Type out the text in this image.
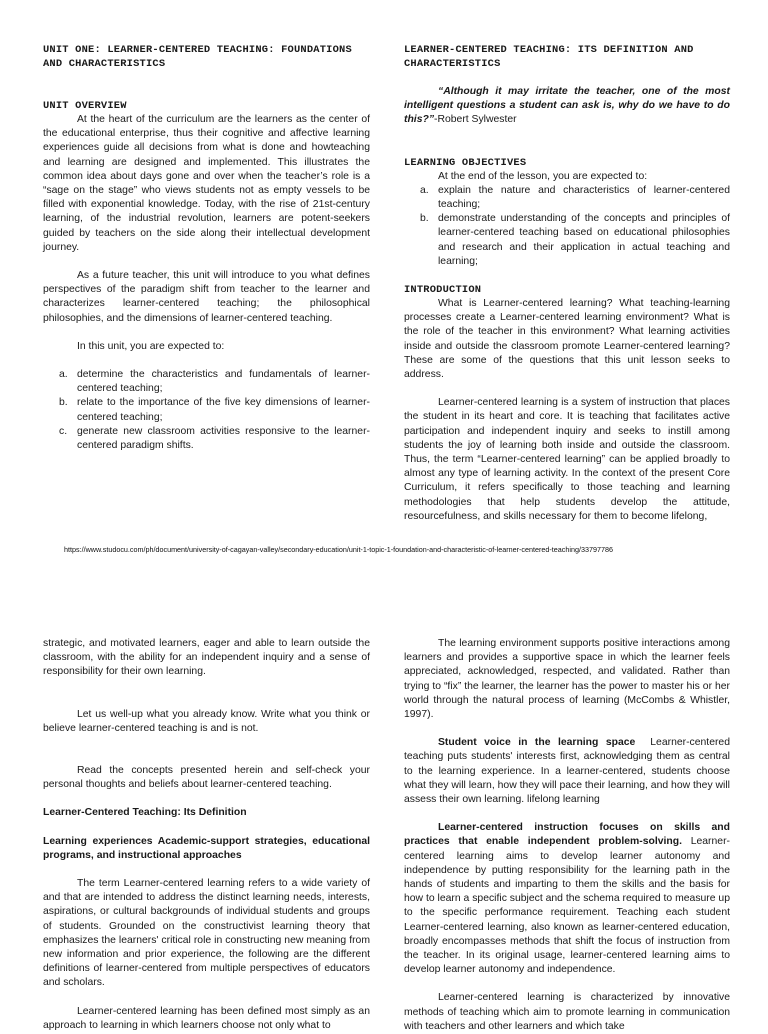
UNIT ONE: LEARNER-CENTERED TEACHING: FOUNDATIONS AND CHARACTERISTICS
UNIT OVERVIEW

At the heart of the curriculum are the learners as the center of the educational enterprise, thus their cognitive and affective learning experiences guide all decisions from what is done and howteaching and learning are designed and implemented. This illustrates the common idea about days gone and over when the teacher’s role is a “sage on the stage” who views students not as empty vessels to be filled with exponential knowledge. Today, with the rise of 21st-century learning, of the industrial revolution, learners are potent-seekers guided by teachers on the side along their intellectual development journey.

As a future teacher, this unit will introduce to you what defines perspectives of the paradigm shift from teacher to the learner and characterizes learner-centered teaching; the philosophical philosophies, and the dimensions of learner-centered teaching.

In this unit, you are expected to:

a. determine the characteristics and fundamentals of learner-centered teaching;
b. relate to the importance of the five key dimensions of learner-centered teaching;
c. generate new classroom activities responsive to the learner-centered paradigm shifts.
LEARNER-CENTERED TEACHING: ITS DEFINITION AND CHARACTERISTICS

“Although it may irritate the teacher, one of the most intelligent questions a student can ask is, why do we have to do this?”-Robert Sylwester

LEARNING OBJECTIVES

At the end of the lesson, you are expected to:

a. explain the nature and characteristics of learner-centered teaching;
b. demonstrate understanding of the concepts and principles of learner-centered teaching based on educational philosophies and research and their application in actual teaching and learning;
INTRODUCTION

What is Learner-centered learning? What teaching-learning processes create a Learner-centered learning environment? What is the role of the teacher in this environment? What learning activities inside and outside the classroom promote Learner-centered learning? These are some of the questions that this unit lesson seeks to address.

Learner-centered learning is a system of instruction that places the student in its heart and core. It is teaching that facilitates active participation and independent inquiry and seeks to instill among students the joy of learning both inside and outside the classroom. Thus, the term “Learner-centered learning” can be applied broadly to almost any type of learning activity. In the context of the present Core Curriculum, it refers specifically to those teaching and learning methodologies that help students develop the attitude, resourcefulness, and skills necessary for them to become lifelong,

https://www.studocu.com/ph/document/university-of-cagayan-valley/secondary-education/unit-1-topic-1-foundation-and-characteristic-of-learner-centered-teaching/33797786

strategic, and motivated learners, eager and able to learn outside the classroom, with the ability for an independent inquiry and a sense of responsibility for their own learning.

Let us well-up what you already know. Write what you think or believe learner-centered teaching is and is not.

Read the concepts presented herein and self-check your personal thoughts and beliefs about learner-centered teaching.

Learner-Centered Teaching: Its Definition

Learning experiences Academic-support strategies, educational programs, and instructional approaches

The term Learner-centered learning refers to a wide variety of and that are intended to address the distinct learning needs, interests, aspirations, or cultural backgrounds of individual students and groups of students. Grounded on the constructivist learning theory that emphasizes the learners' critical role in constructing new meaning from new information and prior experience, the following are the different definitions of learner-centered from multiple perspectives of educators and scholars.

Learner-centered learning has been defined most simply as an approach to learning in which learners choose not only what to

The learning environment supports positive interactions among learners and provides a supportive space in which the learner feels appreciated, acknowledged, respected, and validated. Rather than trying to “fix” the learner, the learner has the power to master his or her world through the natural process of learning (McCombs & Whistler, 1997).

Student voice in the learning space Learner-centered teaching puts students' interests first, acknowledging them as central to the learning experience. In a learner-centered, students choose what they will learn, how they will pace their learning, and how they will assess their own learning. lifelong learning

Learner-centered instruction focuses on skills and practices that enable independent problem-solving. Learner-centered learning aims to develop learner autonomy and independence by putting responsibility for the learning path in the hands of students and imparting to them the skills and the basis for how to learn a specific subject and the schema required to measure up to the specific performance requirement. Teaching each student Learner-centered learning, also known as learner-centered education, broadly encompasses methods that shift the focus of instruction from the teacher. In its original usage, learner-centered learning aims to develop learner autonomy and independence.

Learner-centered learning is characterized by innovative methods of teaching which aim to promote learning in communication with teachers and other learners and which take
